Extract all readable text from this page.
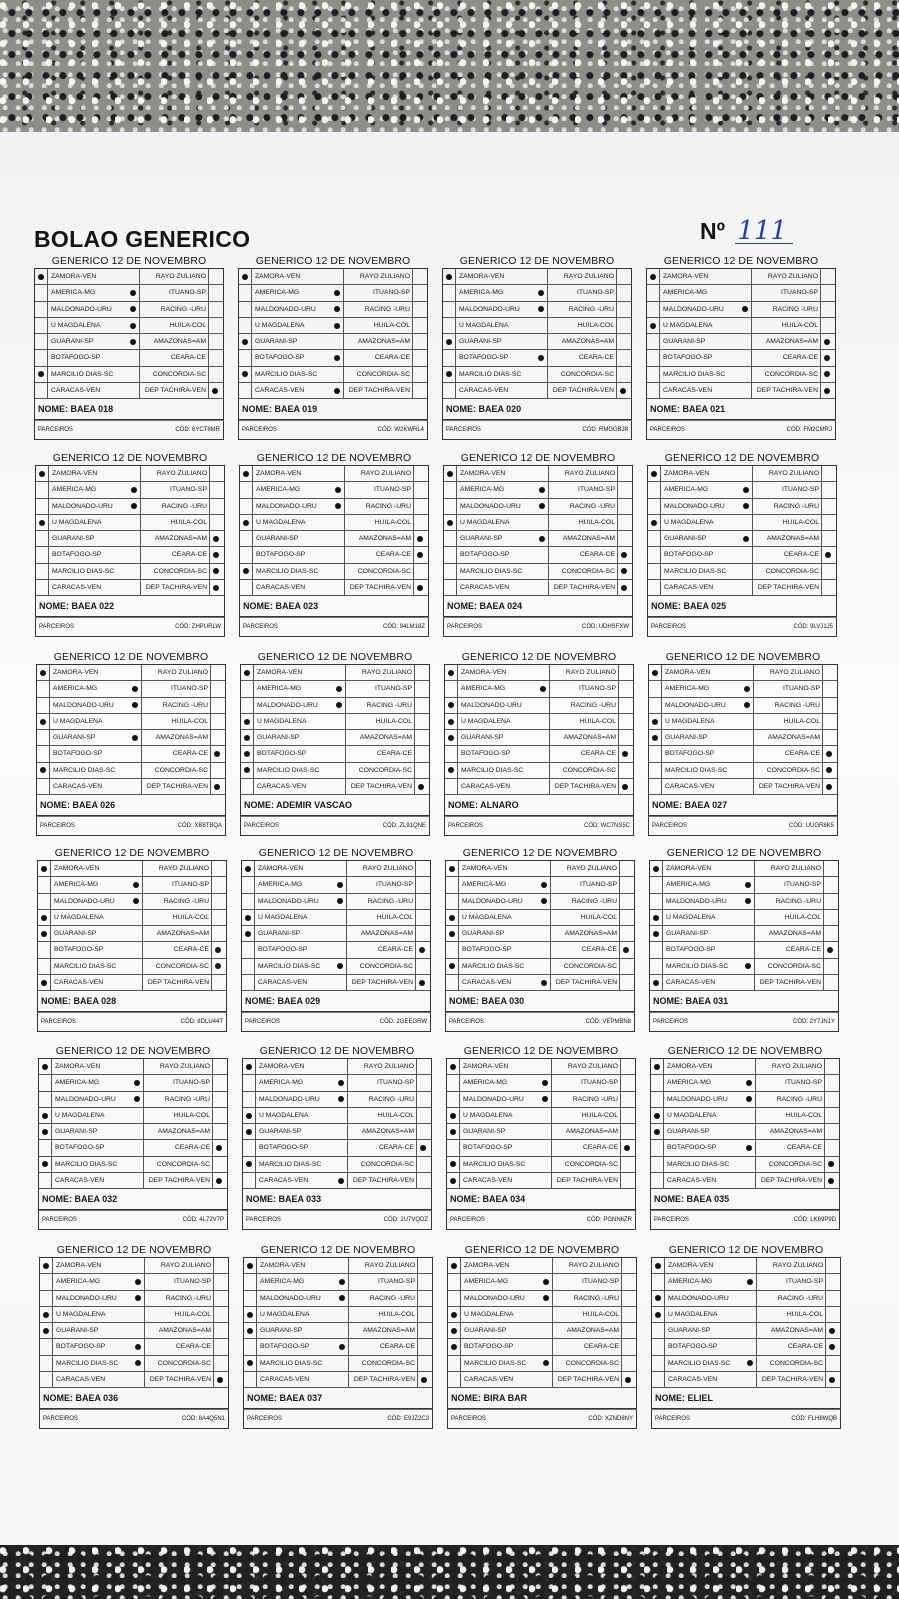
BOLAO GENERICO	Nº 111
GENERICO 12 DE NOVEMBRO
ZAMORA-VEN	RAYO ZULIANO
AMERICA-MG	ITUANO-SP
MALDONADO-URU	RACING -URU
U MAGDALENA	HUILA-COL
GUARANI-SP	AMAZONAS=AM
BOTAFOGO-SP	CEARA-CE
MARCILIO DIAS-SC	CONCORDIA-SC
CARACAS-VEN	DEP TACHIRA-VEN
NOME: BAEA 018
PARCEIROS	CÓD: 6YCT8MR
GENERICO 12 DE NOVEMBRO
ZAMORA-VEN	RAYO ZULIANO
AMERICA-MG	ITUANO-SP
MALDONADO-URU	RACING -URU
U MAGDALENA	HUILA-COL
GUARANI-SP	AMAZONAS=AM
BOTAFOGO-SP	CEARA-CE
MARCILIO DIAS-SC	CONCORDIA-SC
CARACAS-VEN	DEP TACHIRA-VEN
NOME: BAEA 019
PARCEIROS	CÓD: W2KWRL4
GENERICO 12 DE NOVEMBRO
ZAMORA-VEN	RAYO ZULIANO
AMERICA-MG	ITUANO-SP
MALDONADO-URU	RACING -URU
U MAGDALENA	HUILA-COL
GUARANI-SP	AMAZONAS=AM
BOTAFOGO-SP	CEARA-CE
MARCILIO DIAS-SC	CONCORDIA-SC
CARACAS-VEN	DEP TACHIRA-VEN
NOME: BAEA 020
PARCEIROS	CÓD: RMGGBJ8
GENERICO 12 DE NOVEMBRO
ZAMORA-VEN	RAYO ZULIANO
AMERICA-MG	ITUANO-SP
MALDONADO-URU	RACING -URU
U MAGDALENA	HUILA-COL
GUARANI-SP	AMAZONAS=AM
BOTAFOGO-SP	CEARA-CE
MARCILIO DIAS-SC	CONCORDIA-SC
CARACAS-VEN	DEP TACHIRA-VEN
NOME: BAEA 021
PARCEIROS	CÓD: FM2CMRJ
GENERICO 12 DE NOVEMBRO
ZAMORA-VEN	RAYO ZULIANO
AMERICA-MG	ITUANO-SP
MALDONADO-URU	RACING -URU
U MAGDALENA	HUILA-COL
GUARANI-SP	AMAZONAS=AM
BOTAFOGO-SP	CEARA-CE
MARCILIO DIAS-SC	CONCORDIA-SC
CARACAS-VEN	DEP TACHIRA-VEN
NOME: BAEA 022
PARCEIROS	CÓD: ZHPURLW
GENERICO 12 DE NOVEMBRO
ZAMORA-VEN	RAYO ZULIANO
AMERICA-MG	ITUANO-SP
MALDONADO-URU	RACING -URU
U MAGDALENA	HUILA-COL
GUARANI-SP	AMAZONAS=AM
BOTAFOGO-SP	CEARA-CE
MARCILIO DIAS-SC	CONCORDIA-SC
CARACAS-VEN	DEP TACHIRA-VEN
NOME: BAEA 023
PARCEIROS	CÓD: 94LM18Z
GENERICO 12 DE NOVEMBRO
ZAMORA-VEN	RAYO ZULIANO
AMERICA-MG	ITUANO-SP
MALDONADO-URU	RACING -URU
U MAGDALENA	HUILA-COL
GUARANI-SP	AMAZONAS=AM
BOTAFOGO-SP	CEARA-CE
MARCILIO DIAS-SC	CONCORDIA-SC
CARACAS-VEN	DEP TACHIRA-VEN
NOME: BAEA 024
PARCEIROS	CÓD: UDHSFXW
GENERICO 12 DE NOVEMBRO
ZAMORA-VEN	RAYO ZULIANO
AMERICA-MG	ITUANO-SP
MALDONADO-URU	RACING -URU
U MAGDALENA	HUILA-COL
GUARANI-SP	AMAZONAS=AM
BOTAFOGO-SP	CEARA-CE
MARCILIO DIAS-SC	CONCORDIA-SC
CARACAS-VEN	DEP TACHIRA-VEN
NOME: BAEA 025
PARCEIROS	CÓD: 9LVJ1J5
GENERICO 12 DE NOVEMBRO
ZAMORA-VEN	RAYO ZULIANO
AMERICA-MG	ITUANO-SP
MALDONADO-URU	RACING -URU
U MAGDALENA	HUILA-COL
GUARANI-SP	AMAZONAS=AM
BOTAFOGO-SP	CEARA-CE
MARCILIO DIAS-SC	CONCORDIA-SC
CARACAS-VEN	DEP TACHIRA-VEN
NOME: BAEA 026
PARCEIROS	CÓD: XB8TBQA
GENERICO 12 DE NOVEMBRO
ZAMORA-VEN	RAYO ZULIANO
AMERICA-MG	ITUANO-SP
MALDONADO-URU	RACING -URU
U MAGDALENA	HUILA-COL
GUARANI-SP	AMAZONAS=AM
BOTAFOGO-SP	CEARA-CE
MARCILIO DIAS-SC	CONCORDIA-SC
CARACAS-VEN	DEP TACHIRA-VEN
NOME: ADEMIR VASCAO
PARCEIROS	CÓD: ZL91QNE
GENERICO 12 DE NOVEMBRO
ZAMORA-VEN	RAYO ZULIANO
AMERICA-MG	ITUANO-SP
MALDONADO-URU	RACING -URU
U MAGDALENA	HUILA-COL
GUARANI-SP	AMAZONAS=AM
BOTAFOGO-SP	CEARA-CE
MARCILIO DIAS-SC	CONCORDIA-SC
CARACAS-VEN	DEP TACHIRA-VEN
NOME: ALNARO
PARCEIROS	CÓD: WC7NS5C
GENERICO 12 DE NOVEMBRO
ZAMORA-VEN	RAYO ZULIANO
AMERICA-MG	ITUANO-SP
MALDONADO-URU	RACING -URU
U MAGDALENA	HUILA-COL
GUARANI-SP	AMAZONAS=AM
BOTAFOGO-SP	CEARA-CE
MARCILIO DIAS-SC	CONCORDIA-SC
CARACAS-VEN	DEP TACHIRA-VEN
NOME: BAEA 027
PARCEIROS	CÓD: UUGR8K5
GENERICO 12 DE NOVEMBRO
ZAMORA-VEN	RAYO ZULIANO
AMERICA-MG	ITUANO-SP
MALDONADO-URU	RACING -URU
U MAGDALENA	HUILA-COL
GUARANI-SP	AMAZONAS=AM
BOTAFOGO-SP	CEARA-CE
MARCILIO DIAS-SC	CONCORDIA-SC
CARACAS-VEN	DEP TACHIRA-VEN
NOME: BAEA 028
PARCEIROS	CÓD: 8DLU44T
GENERICO 12 DE NOVEMBRO
ZAMORA-VEN	RAYO ZULIANO
AMERICA-MG	ITUANO-SP
MALDONADO-URU	RACING -URU
U MAGDALENA	HUILA-COL
GUARANI-SP	AMAZONAS=AM
BOTAFOGO-SP	CEARA-CE
MARCILIO DIAS-SC	CONCORDIA-SC
CARACAS-VEN	DEP TACHIRA-VEN
NOME: BAEA 029
PARCEIROS	CÓD: 2GEEGRW
GENERICO 12 DE NOVEMBRO
ZAMORA-VEN	RAYO ZULIANO
AMERICA-MG	ITUANO-SP
MALDONADO-URU	RACING -URU
U MAGDALENA	HUILA-COL
GUARANI-SP	AMAZONAS=AM
BOTAFOGO-SP	CEARA-CE
MARCILIO DIAS-SC	CONCORDIA-SC
CARACAS-VEN	DEP TACHIRA-VEN
NOME: BAEA 030
PARCEIROS	CÓD: VEPMBN8
GENERICO 12 DE NOVEMBRO
ZAMORA-VEN	RAYO ZULIANO
AMERICA-MG	ITUANO-SP
MALDONADO-URU	RACING -URU
U MAGDALENA	HUILA-COL
GUARANI-SP	AMAZONAS=AM
BOTAFOGO-SP	CEARA-CE
MARCILIO DIAS-SC	CONCORDIA-SC
CARACAS-VEN	DEP TACHIRA-VEN
NOME: BAEA 031
PARCEIROS	CÓD: 2Y7JN1Y
GENERICO 12 DE NOVEMBRO
ZAMORA-VEN	RAYO ZULIANO
AMERICA-MG	ITUANO-SP
MALDONADO-URU	RACING -URU
U MAGDALENA	HUILA-COL
GUARANI-SP	AMAZONAS=AM
BOTAFOGO-SP	CEARA-CE
MARCILIO DIAS-SC	CONCORDIA-SC
CARACAS-VEN	DEP TACHIRA-VEN
NOME: BAEA 032
PARCEIROS	CÓD: 4L72V7P
GENERICO 12 DE NOVEMBRO
ZAMORA-VEN	RAYO ZULIANO
AMERICA-MG	ITUANO-SP
MALDONADO-URU	RACING -URU
U MAGDALENA	HUILA-COL
GUARANI-SP	AMAZONAS=AM
BOTAFOGO-SP	CEARA-CE
MARCILIO DIAS-SC	CONCORDIA-SC
CARACAS-VEN	DEP TACHIRA-VEN
NOME: BAEA 033
PARCEIROS	CÓD: 2U7VQDZ
GENERICO 12 DE NOVEMBRO
ZAMORA-VEN	RAYO ZULIANO
AMERICA-MG	ITUANO-SP
MALDONADO-URU	RACING -URU
U MAGDALENA	HUILA-COL
GUARANI-SP	AMAZONAS=AM
BOTAFOGO-SP	CEARA-CE
MARCILIO DIAS-SC	CONCORDIA-SC
CARACAS-VEN	DEP TACHIRA-VEN
NOME: BAEA 034
PARCEIROS	CÓD: PGNN6ZR
GENERICO 12 DE NOVEMBRO
ZAMORA-VEN	RAYO ZULIANO
AMERICA-MG	ITUANO-SP
MALDONADO-URU	RACING -URU
U MAGDALENA	HUILA-COL
GUARANI-SP	AMAZONAS=AM
BOTAFOGO-SP	CEARA-CE
MARCILIO DIAS-SC	CONCORDIA-SC
CARACAS-VEN	DEP TACHIRA-VEN
NOME: BAEA 035
PARCEIROS	CÓD: LK69P9D
GENERICO 12 DE NOVEMBRO
ZAMORA-VEN	RAYO ZULIANO
AMERICA-MG	ITUANO-SP
MALDONADO-URU	RACING -URU
U MAGDALENA	HUILA-COL
GUARANI-SP	AMAZONAS=AM
BOTAFOGO-SP	CEARA-CE
MARCILIO DIAS-SC	CONCORDIA-SC
CARACAS-VEN	DEP TACHIRA-VEN
NOME: BAEA 036
PARCEIROS	CÓD: 8A4Q5N1
GENERICO 12 DE NOVEMBRO
ZAMORA-VEN	RAYO ZULIANO
AMERICA-MG	ITUANO-SP
MALDONADO-URU	RACING -URU
U MAGDALENA	HUILA-COL
GUARANI-SP	AMAZONAS=AM
BOTAFOGO-SP	CEARA-CE
MARCILIO DIAS-SC	CONCORDIA-SC
CARACAS-VEN	DEP TACHIRA-VEN
NOME: BAEA 037
PARCEIROS	CÓD: E9JZ2C3
GENERICO 12 DE NOVEMBRO
ZAMORA-VEN	RAYO ZULIANO
AMERICA-MG	ITUANO-SP
MALDONADO-URU	RACING -URU
U MAGDALENA	HUILA-COL
GUARANI-SP	AMAZONAS=AM
BOTAFOGO-SP	CEARA-CE
MARCILIO DIAS-SC	CONCORDIA-SC
CARACAS-VEN	DEP TACHIRA-VEN
NOME: BIRA BAR
PARCEIROS	CÓD: XZND8NY
GENERICO 12 DE NOVEMBRO
ZAMORA-VEN	RAYO ZULIANO
AMERICA-MG	ITUANO-SP
MALDONADO-URU	RACING -URU
U MAGDALENA	HUILA-COL
GUARANI-SP	AMAZONAS=AM
BOTAFOGO-SP	CEARA-CE
MARCILIO DIAS-SC	CONCORDIA-SC
CARACAS-VEN	DEP TACHIRA-VEN
NOME: ELIEL
PARCEIROS	CÓD: FLH8WQB
